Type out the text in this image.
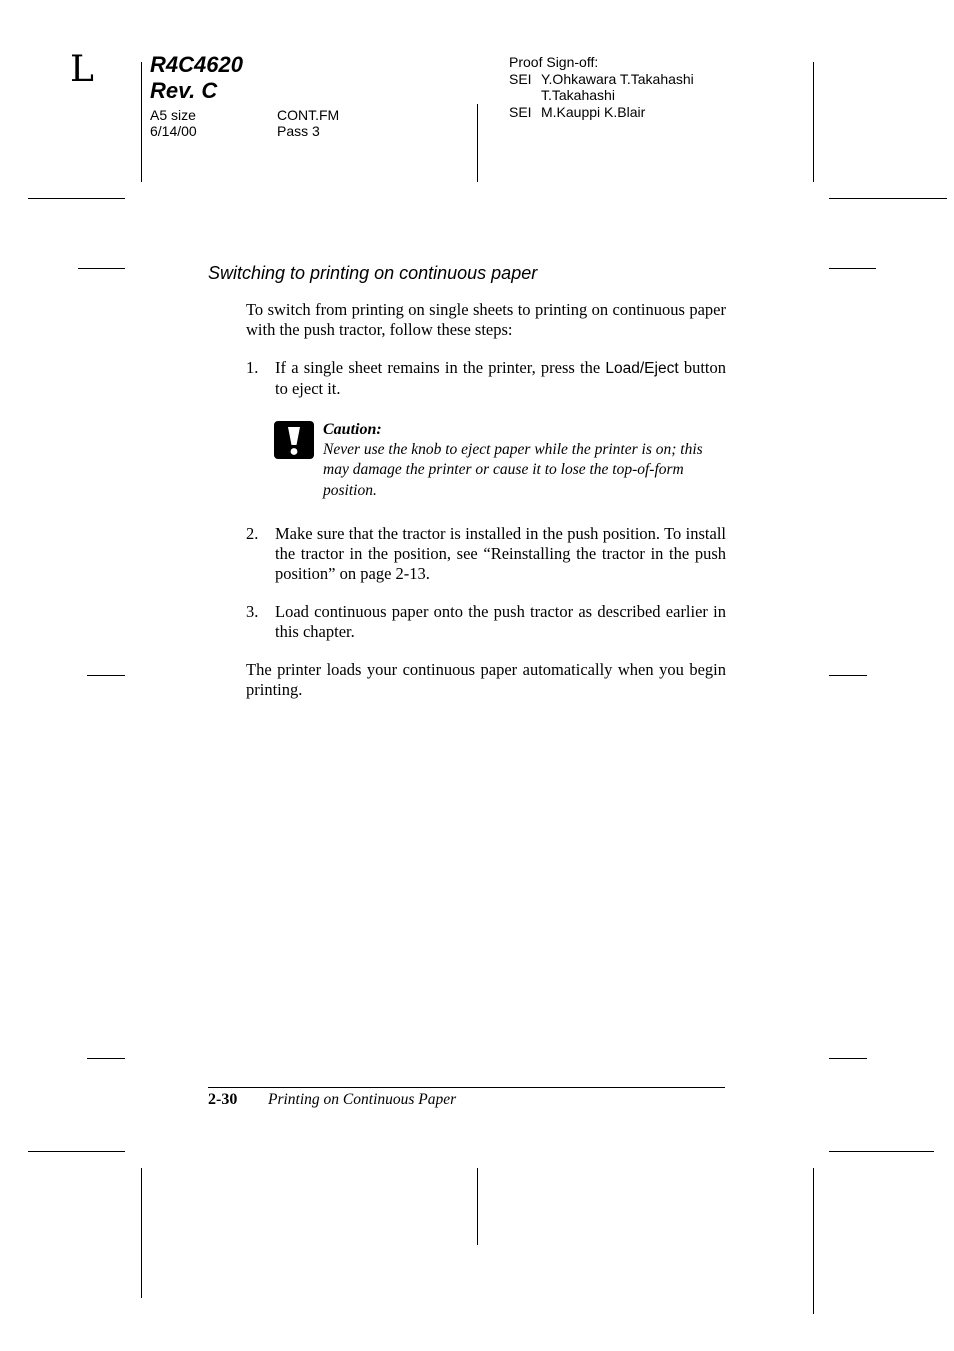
L	R4C4620
Rev. C
A5 size
6/14/00
CONT.FM
Pass 3
Proof Sign-off:
SEI Y.Ohkawara T.Takahashi
T.Takahashi
SEI M.Kauppi K.Blair
Switching to printing on continuous paper
To switch from printing on single sheets to printing on continuous paper with the push tractor, follow these steps:
1. If a single sheet remains in the printer, press the Load/Eject button to eject it.
Caution:
Never use the knob to eject paper while the printer is on; this may damage the printer or cause it to lose the top-of-form position.
2. Make sure that the tractor is installed in the push position. To install the tractor in the position, see “Reinstalling the tractor in the push position” on page 2-13.
3. Load continuous paper onto the push tractor as described earlier in this chapter.
The printer loads your continuous paper automatically when you begin printing.
2-30 Printing on Continuous Paper
